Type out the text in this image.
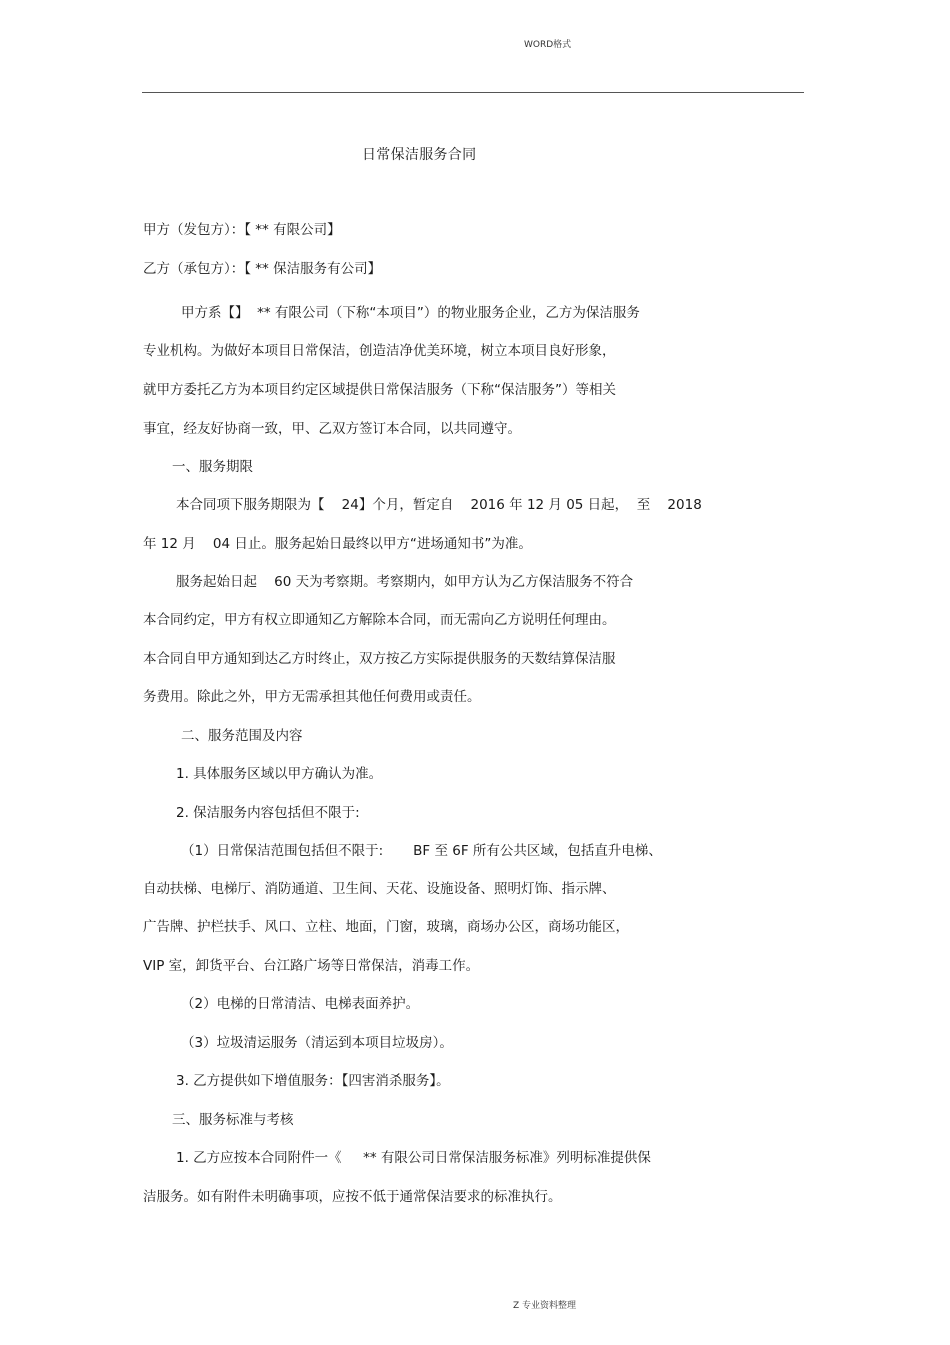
WORD格式
日常保洁服务合同
甲方（发包方）：【 ** 有限公司】
乙方（承包方）：【 ** 保洁服务有公司】
甲方系【】  ** 有限公司（下称“本项目”）的物业服务企业，乙方为保洁服务
专业机构。为做好本项目日常保洁，创造洁净优美环境，树立本项目良好形象，
就甲方委托乙方为本项目约定区域提供日常保洁服务（下称“保洁服务”）等相关
事宜，经友好协商一致，甲、乙双方签订本合同，以共同遵守。
一、服务期限
本合同项下服务期限为【    24】个月，暂定自    2016 年 12 月 05 日起，  至    2018
年 12 月    04 日止。服务起始日最终以甲方“进场通知书”为准。
服务起始日起    60 天为考察期。考察期内，如甲方认为乙方保洁服务不符合
本合同约定，甲方有权立即通知乙方解除本合同，而无需向乙方说明任何理由。
本合同自甲方通知到达乙方时终止，双方按乙方实际提供服务的天数结算保洁服
务费用。除此之外，甲方无需承担其他任何费用或责任。
二、服务范围及内容
1. 具体服务区域以甲方确认为准。
2. 保洁服务内容包括但不限于:
（1）日常保洁范围包括但不限于:       BF 至 6F 所有公共区域，包括直升电梯、
自动扶梯、电梯厅、消防通道、卫生间、天花、设施设备、照明灯饰、指示牌、
广告牌、护栏扶手、风口、立柱、地面，门窗，玻璃，商场办公区，商场功能区，
VIP 室，卸货平台、台江路广场等日常保洁，消毒工作。
（2）电梯的日常清洁、电梯表面养护。
（3）垃圾清运服务（清运到本项目垃圾房）。
3. 乙方提供如下增值服务：【四害消杀服务】。
三、服务标准与考核
1. 乙方应按本合同附件一《     ** 有限公司日常保洁服务标准》列明标准提供保
洁服务。如有附件未明确事项，应按不低于通常保洁要求的标准执行。
Z 专业资料整理
